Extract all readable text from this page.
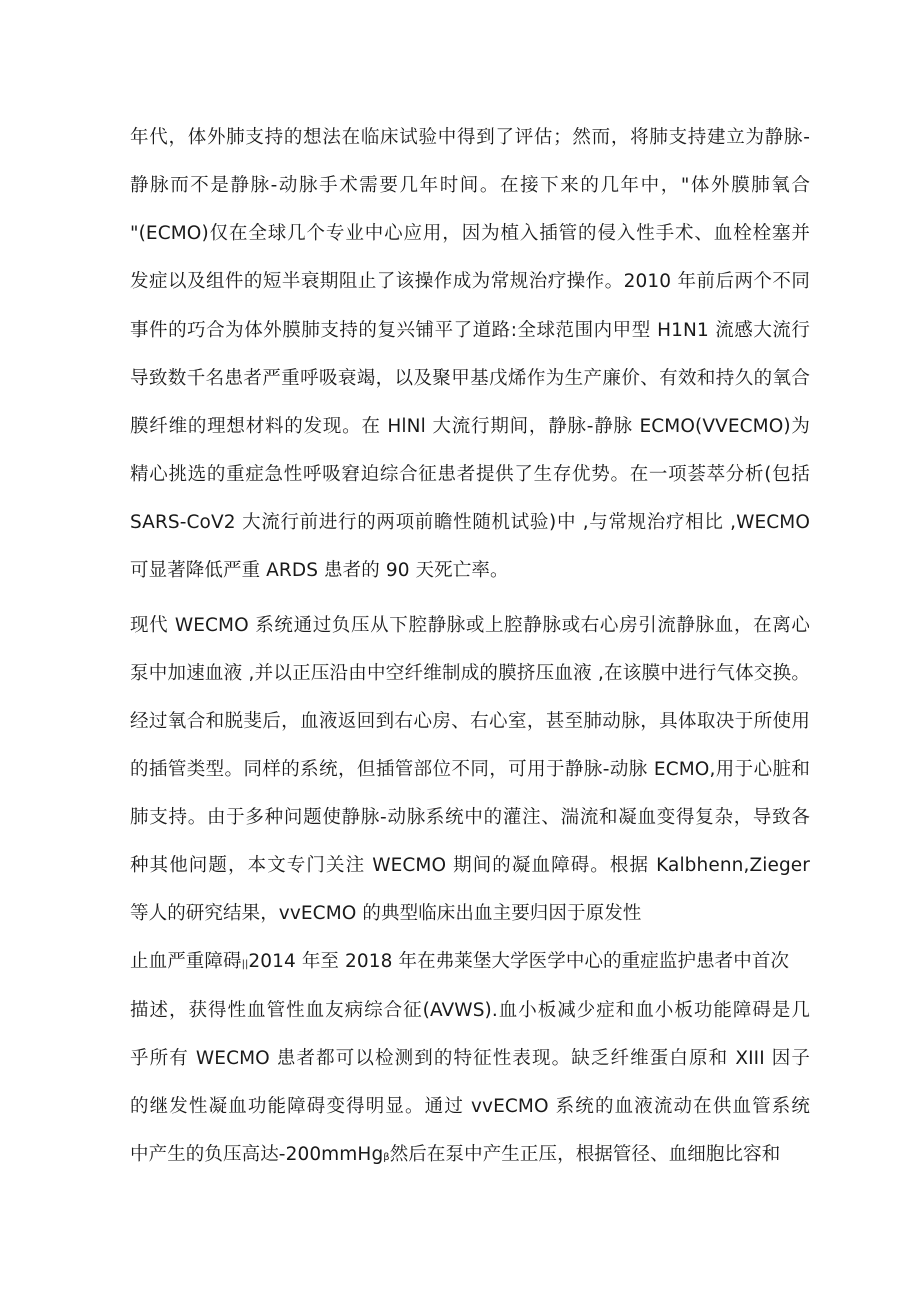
年代，体外肺支持的想法在临床试验中得到了评估；然而，将肺支持建立为静脉-
静脉而不是静脉-动脉手术需要几年时间。在接下来的几年中，"体外膜肺氧合
"(ECMO)仅在全球几个专业中心应用，因为植入插管的侵入性手术、血栓栓塞并
发症以及组件的短半衰期阻止了该操作成为常规治疗操作。2010 年前后两个不同
事件的巧合为体外膜肺支持的复兴铺平了道路:全球范围内甲型 H1N1 流感大流行
导致数千名患者严重呼吸衰竭，以及聚甲基戊烯作为生产廉价、有效和持久的氧合
膜纤维的理想材料的发现。在 HlNl 大流行期间，静脉-静脉 ECMO(VVECMO)为
精心挑选的重症急性呼吸窘迫综合征患者提供了生存优势。在一项荟萃分析(包括
SARS-CoV2 大流行前进行的两项前瞻性随机试验)中 ,与常规治疗相比 ,WECMO
可显著降低严重 ARDS 患者的 90 天死亡率。
现代 WECMO 系统通过负压从下腔静脉或上腔静脉或右心房引流静脉血，在离心
泵中加速血液 ,并以正压沿由中空纤维制成的膜挤压血液 ,在该膜中进行气体交换。
经过氧合和脱斐后，血液返回到右心房、右心室，甚至肺动脉，具体取决于所使用
的插管类型。同样的系统，但插管部位不同，可用于静脉-动脉 ECMO,用于心脏和
肺支持。由于多种问题使静脉-动脉系统中的灌注、湍流和凝血变得复杂，导致各
种其他问题，本文专门关注 WECMO 期间的凝血障碍。根据 Kalbhenn,Zieger
等人的研究结果，vvECMO 的典型临床出血主要归因于原发性
止血严重障碍||2014 年至 2018 年在弗莱堡大学医学中心的重症监护患者中首次
描述，获得性血管性血友病综合征(AVWS).血小板减少症和血小板功能障碍是几
乎所有 WECMO 患者都可以检测到的特征性表现。缺乏纤维蛋白原和 XIII 因子
的继发性凝血功能障碍变得明显。通过 vvECMO 系统的血液流动在供血管系统
中产生的负压高达-200mmHgβ然后在泵中产生正压，根据管径、血细胞比容和
